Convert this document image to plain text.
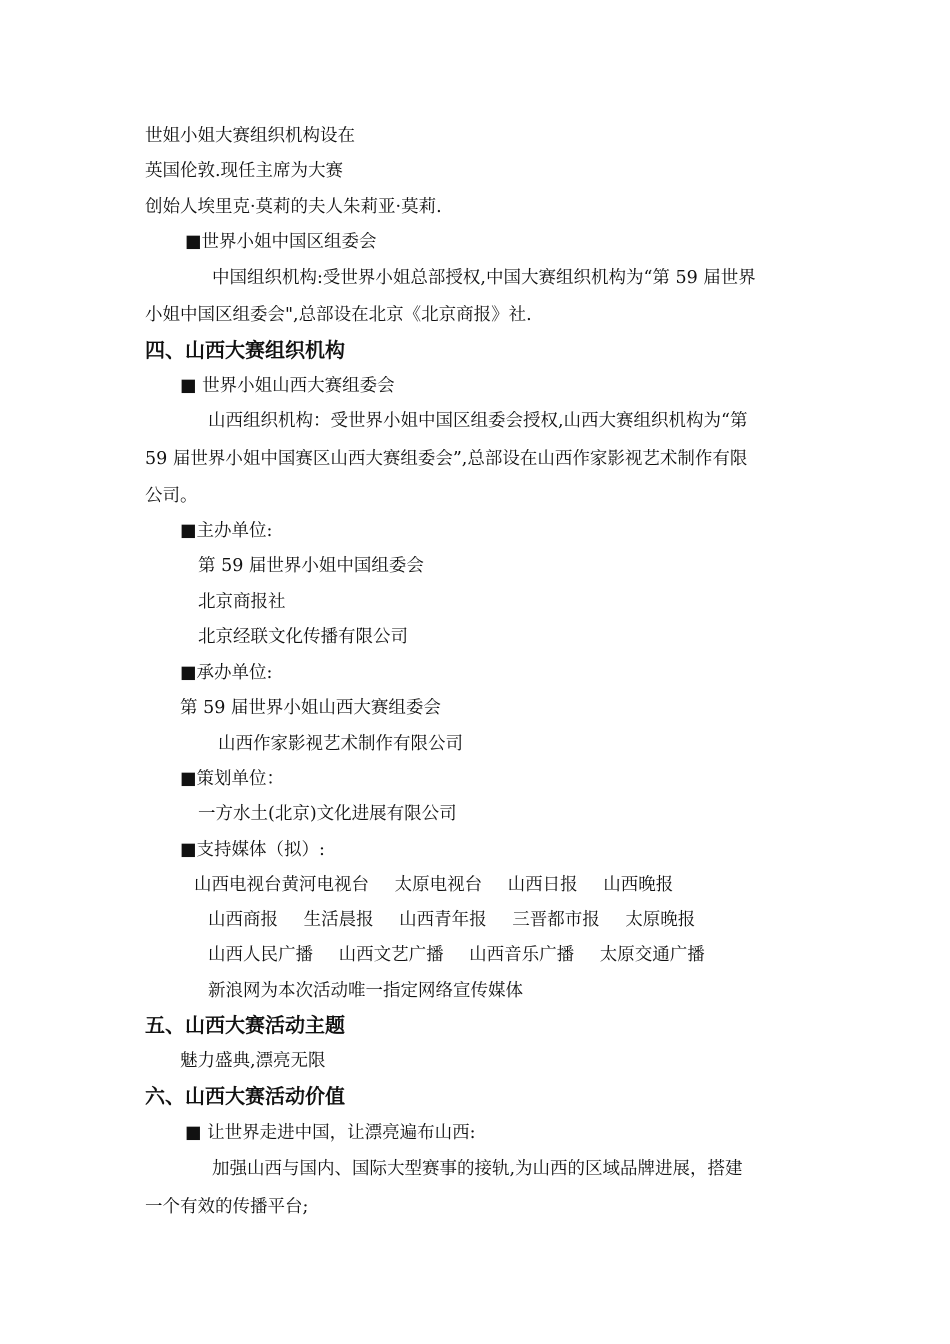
世姐小姐大赛组织机构设在
英国伦敦.现任主席为大赛
创始人埃里克·莫莉的夫人朱莉亚·莫莉.
■世界小姐中国区组委会
中国组织机构:受世界小姐总部授权,中国大赛组织机构为“第 59 届世界
小姐中国区组委会",总部设在北京《北京商报》社.
四、山西大赛组织机构
■ 世界小姐山西大赛组委会
山西组织机构：受世界小姐中国区组委会授权,山西大赛组织机构为“第
59 届世界小姐中国赛区山西大赛组委会”,总部设在山西作家影视艺术制作有限
公司。
■主办单位:
第 59 届世界小姐中国组委会
北京商报社
北京经联文化传播有限公司
■承办单位:
第 59 届世界小姐山西大赛组委会
山西作家影视艺术制作有限公司
■策划单位：
一方水土(北京)文化进展有限公司
■支持媒体（拟）:
山西电视台黄河电视台 太原电视台 山西日报 山西晚报
山西商报 生活晨报 山西青年报 三晋都市报 太原晚报
山西人民广播 山西文艺广播 山西音乐广播 太原交通广播
新浪网为本次活动唯一指定网络宣传媒体
五、山西大赛活动主题
魅力盛典,漂亮无限
六、山西大赛活动价值
■ 让世界走进中国，让漂亮遍布山西:
加强山西与国内、国际大型赛事的接轨,为山西的区域品牌进展，搭建
一个有效的传播平台;
